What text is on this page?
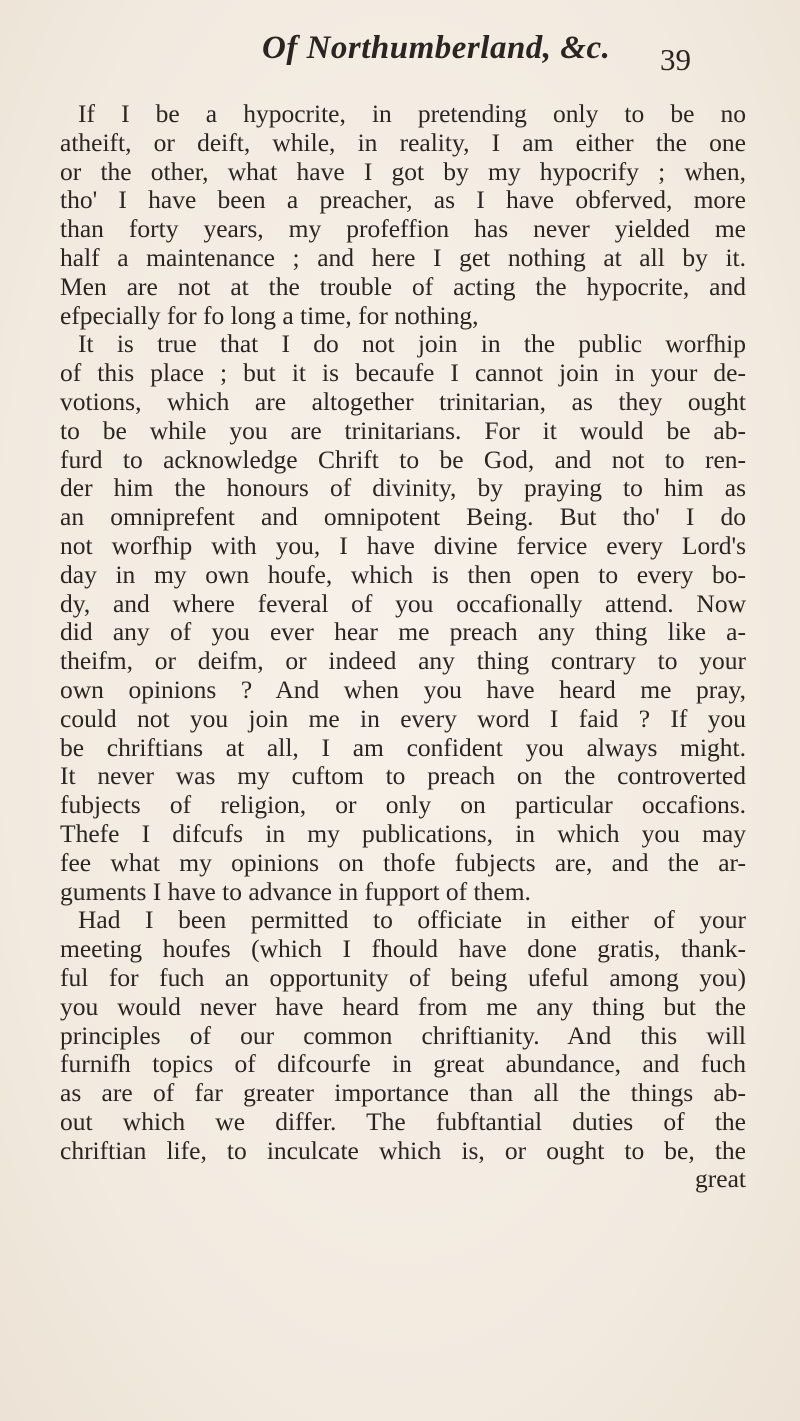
Of Northumberland, &c. 39
If I be a hypocrite, in pretending only to be no
atheift, or deift, while, in reality, I am either the one
or the other, what have I got by my hypocrify ; when,
tho' I have been a preacher, as I have obferved, more
than forty years, my profeffion has never yielded me
half a maintenance ; and here I get nothing at all by it.
Men are not at the trouble of acting the hypocrite, and
efpecially for fo long a time, for nothing,
It is true that I do not join in the public worfhip
of this place ; but it is becaufe I cannot join in your de-
votions, which are altogether trinitarian, as they ought
to be while you are trinitarians. For it would be ab-
furd to acknowledge Chrift to be God, and not to ren-
der him the honours of divinity, by praying to him as
an omniprefent and omnipotent Being. But tho' I do
not worfhip with you, I have divine fervice every Lord's
day in my own houfe, which is then open to every bo-
dy, and where feveral of you occafionally attend. Now
did any of you ever hear me preach any thing like a-
theifm, or deifm, or indeed any thing contrary to your
own opinions ? And when you have heard me pray,
could not you join me in every word I faid ? If you
be chriftians at all, I am confident you always might.
It never was my cuftom to preach on the controverted
fubjects of religion, or only on particular occafions.
Thefe I difcufs in my publications, in which you may
fee what my opinions on thofe fubjects are, and the ar-
guments I have to advance in fupport of them.
Had I been permitted to officiate in either of your
meeting houfes (which I fhould have done gratis, thank-
ful for fuch an opportunity of being ufeful among you)
you would never have heard from me any thing but the
principles of our common chriftianity. And this will
furnifh topics of difcourfe in great abundance, and fuch
as are of far greater importance than all the things ab-
out which we differ. The fubftantial duties of the
chriftian life, to inculcate which is, or ought to be, the
great
